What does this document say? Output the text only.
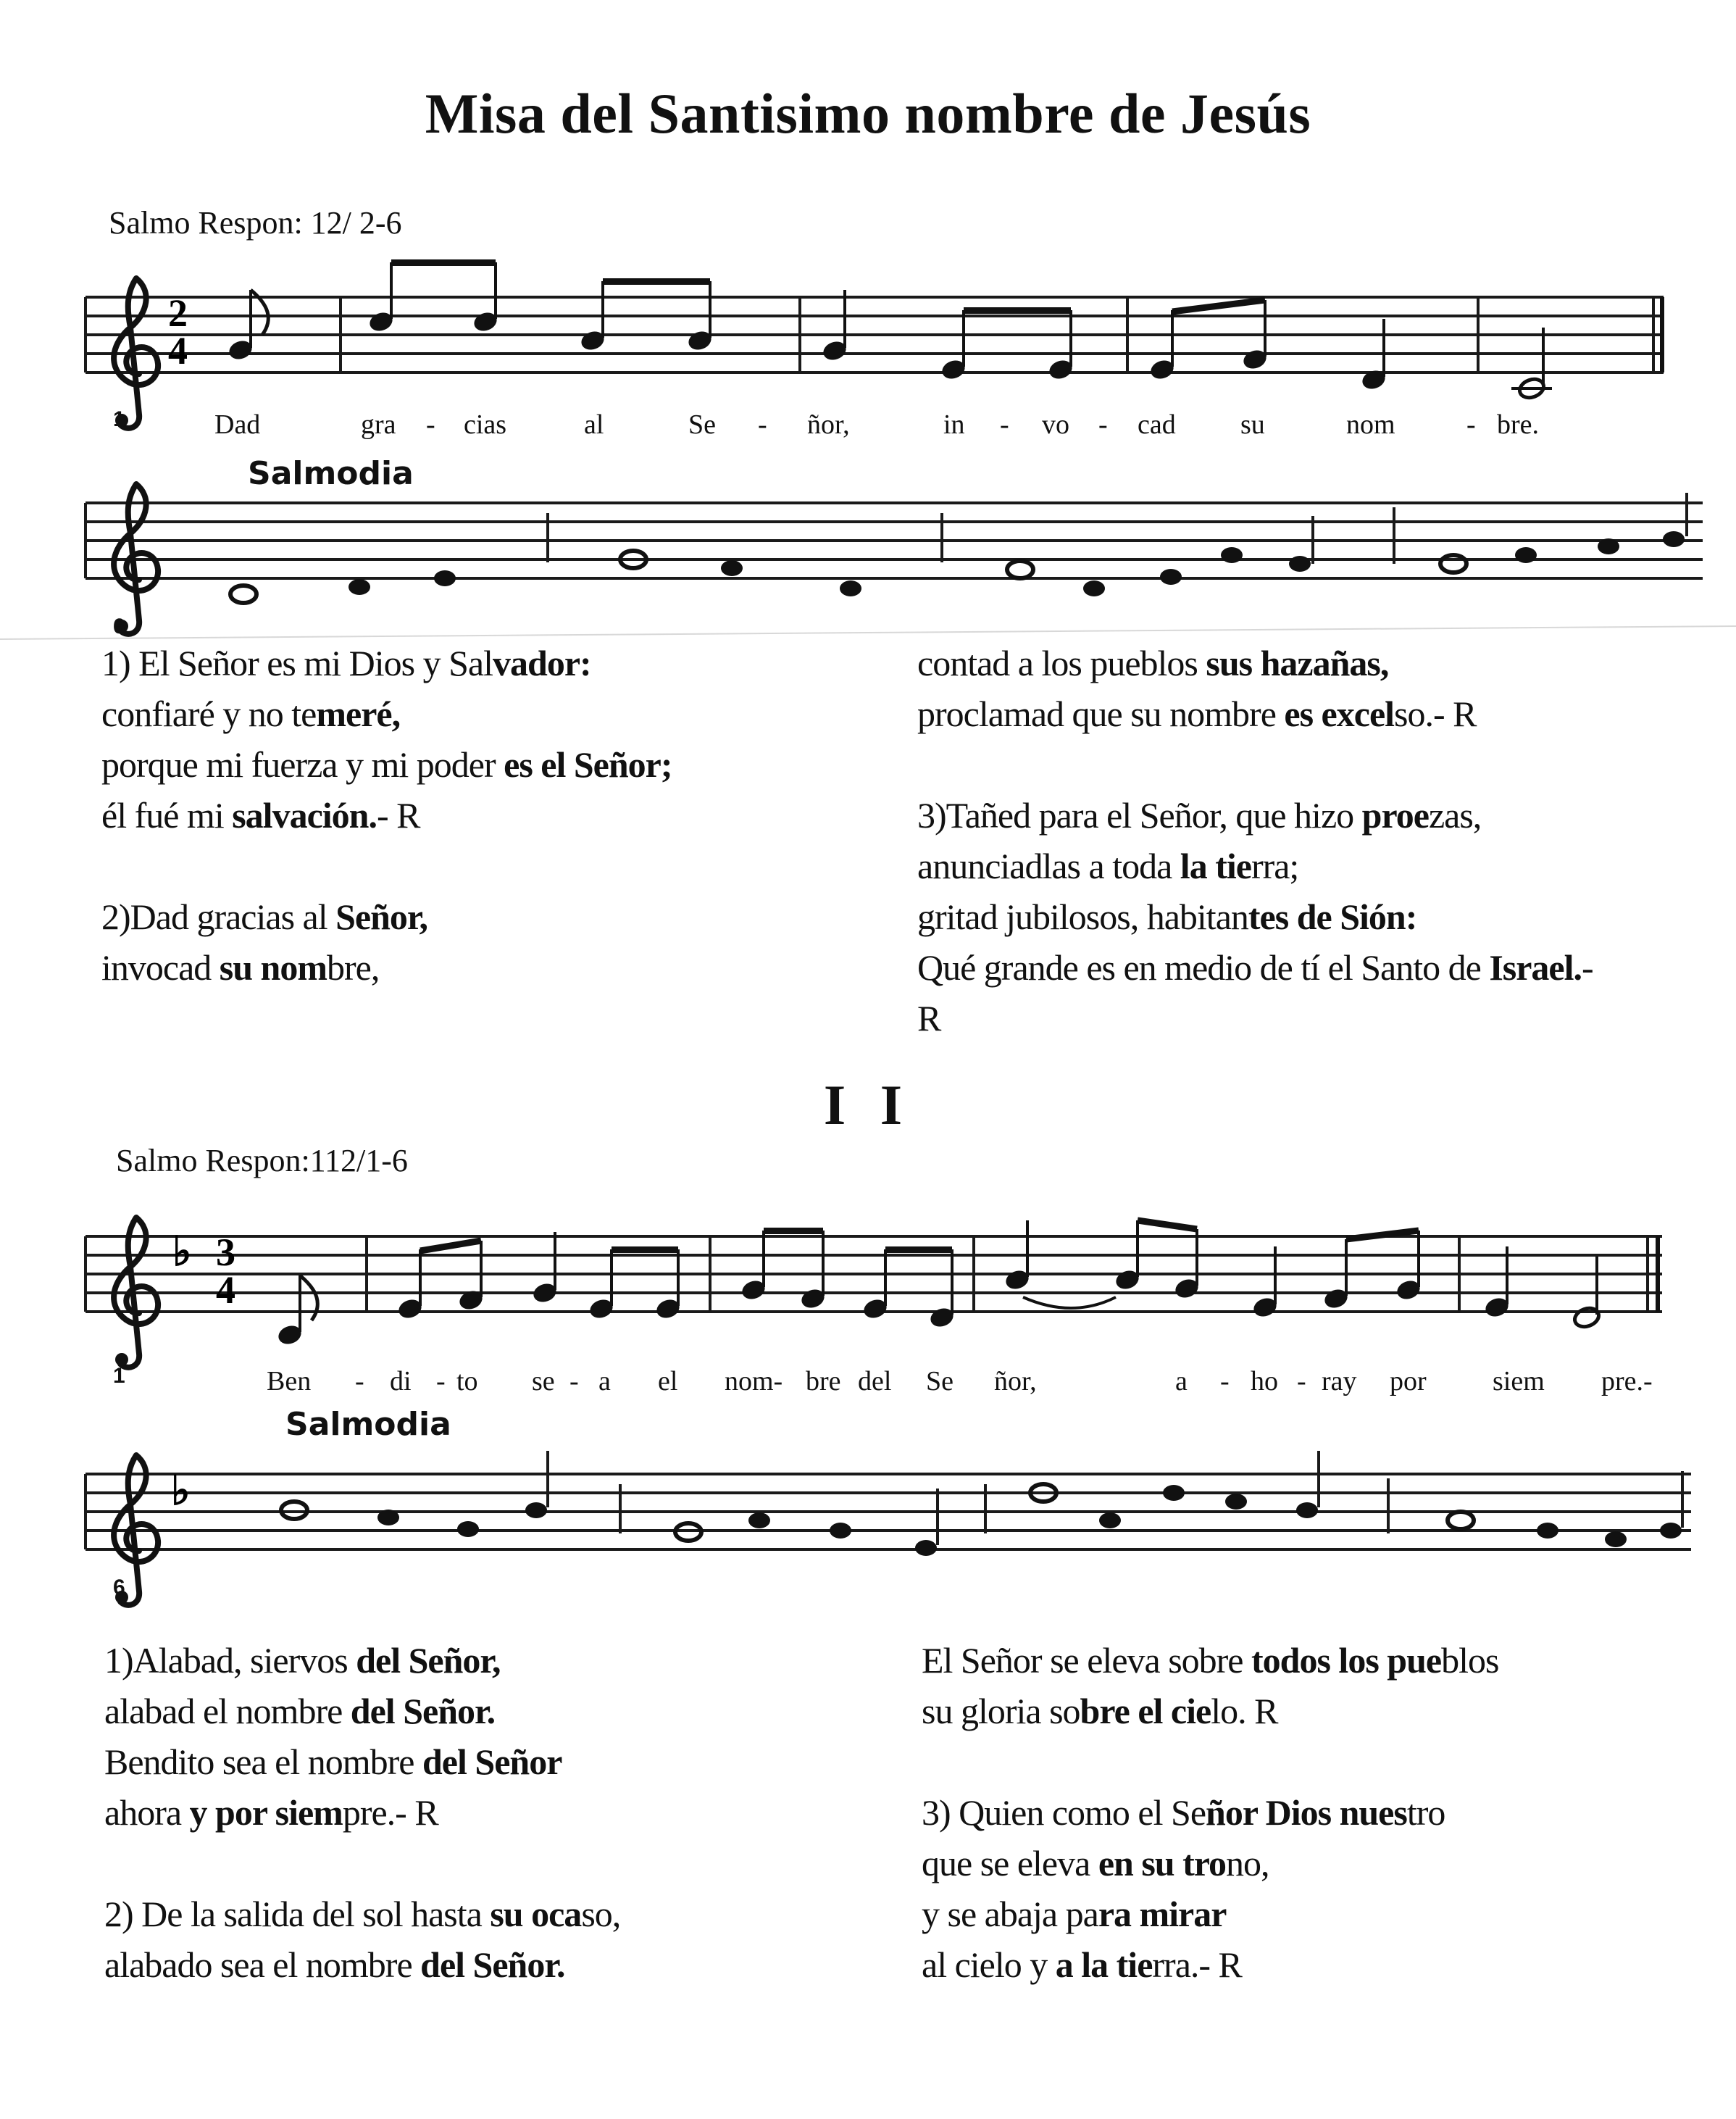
Misa del Santisimo nombre de Jesús
Salmo Respon: 12/ 2-6
2
4
1	Dad	gra - cias	al	Se - ñor,	in - vo - cad su	nom	- bre.
Salmodia
6
♭ 3
4
1	Ben - di - to se - a el nom- bre del Se ñor,	a - ho - ray por siem pre.-
Salmodia
♭
6

1) El Señor es mi Dios y Salvador:

confiaré y no temeré,

porque mi fuerza y mi poder es el Señor;

él fué mi salvación.- R

2)Dad gracias al Señor,

invocad su nombre,

contad a los pueblos sus hazañas,

proclamad que su nombre es excelso.- R

3)Tañed para el Señor, que hizo proezas,

anunciadlas a toda la tierra;

gritad jubilosos, habitantes de Sión:

Qué grande es en medio de tí el Santo de Israel.-

R

I I
Salmo Respon:112/1-6

1)Alabad, siervos del Señor,

alabad el nombre del Señor.

Bendito sea el nombre del Señor

ahora y por siempre.- R

2) De la salida del sol hasta su ocaso,

alabado sea el nombre del Señor.

El Señor se eleva sobre todos los pueblos

su gloria sobre el cielo. R

3) Quien como el Señor Dios nuestro

que se eleva en su trono,

y se abaja para mirar

al cielo y a la tierra.- R
